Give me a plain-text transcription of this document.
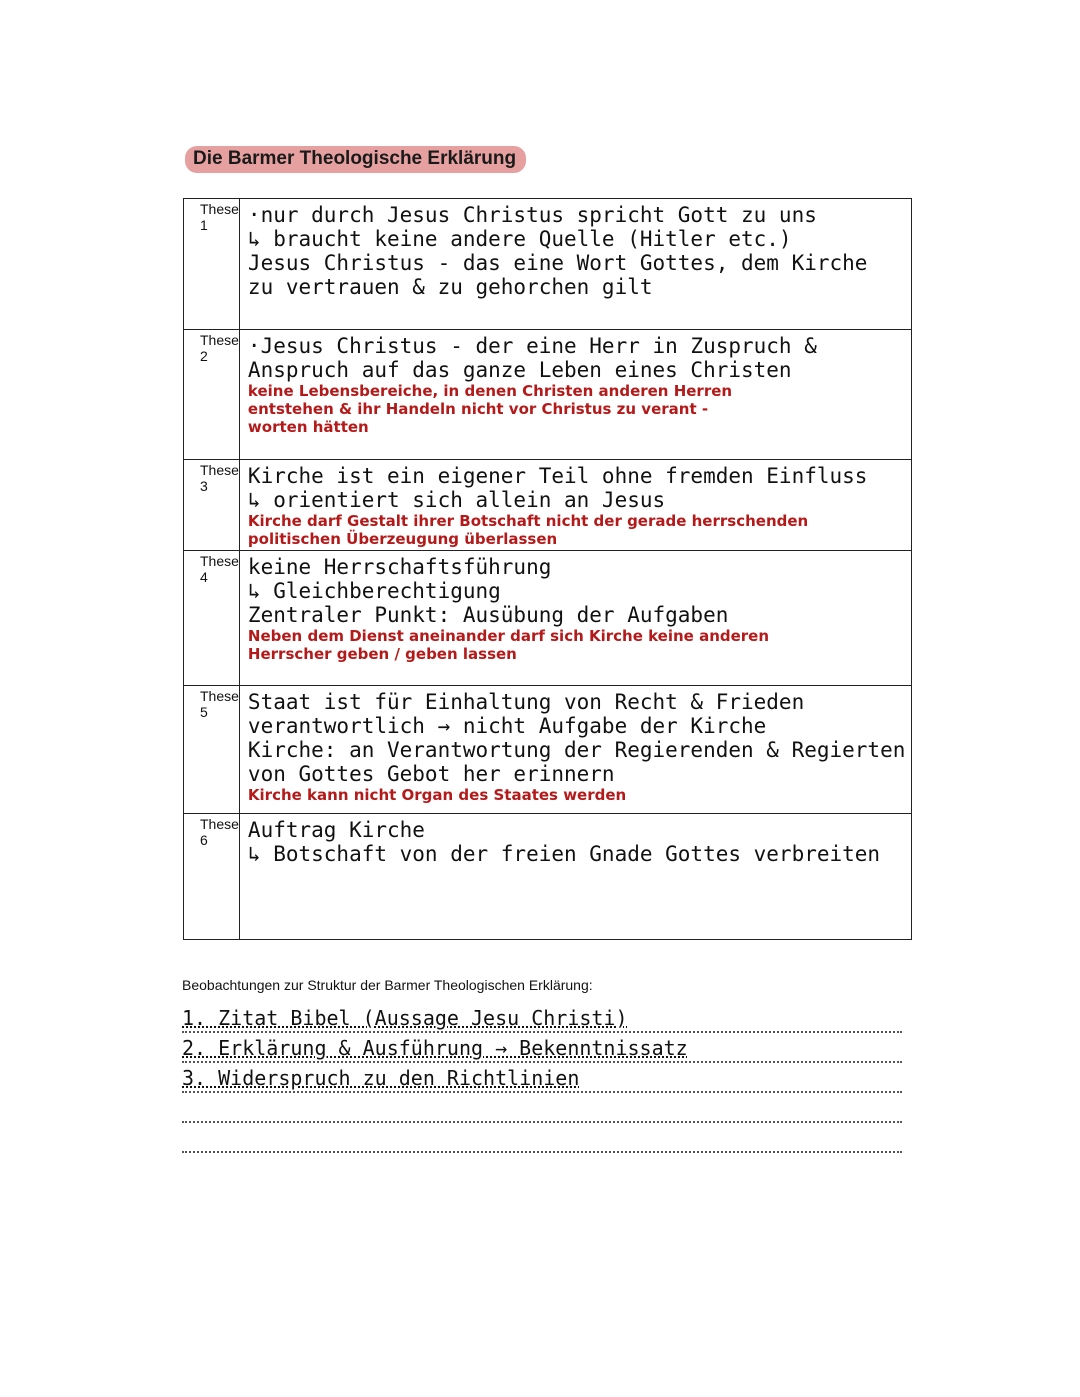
Die Barmer Theologische Erklärung
These 1	·nur durch Jesus Christus spricht Gott zu uns
↳ braucht keine andere Quelle (Hitler etc.)
Jesus Christus - das eine Wort Gottes, dem Kirche
zu vertrauen & zu gehorchen gilt

These 2	·Jesus Christus - der eine Herr in Zuspruch &
Anspruch auf das ganze Leben eines Christen
keine Lebensbereiche, in denen Christen anderen Herren
entstehen & ihr Handeln nicht vor Christus zu verant -
worten hätten

These 3	Kirche ist ein eigener Teil ohne fremden Einfluss
↳ orientiert sich allein an Jesus
Kirche darf Gestalt ihrer Botschaft nicht der gerade herrschenden
politischen Überzeugung überlassen

These 4	keine Herrschaftsführung
↳ Gleichberechtigung
Zentraler Punkt: Ausübung der Aufgaben
Neben dem Dienst aneinander darf sich Kirche keine anderen
Herrscher geben / geben lassen

These 5	Staat ist für Einhaltung von Recht & Frieden
verantwortlich → nicht Aufgabe der Kirche
Kirche: an Verantwortung der Regierenden & Regierten
von Gottes Gebot her erinnern
Kirche kann nicht Organ des Staates werden

These 6	Auftrag Kirche
↳ Botschaft von der freien Gnade Gottes verbreiten
Beobachtungen zur Struktur der Barmer Theologischen Erklärung:
1. Zitat Bibel (Aussage Jesu Christi)
2. Erklärung & Ausführung → Bekenntnissatz
3. Widerspruch zu den Richtlinien
